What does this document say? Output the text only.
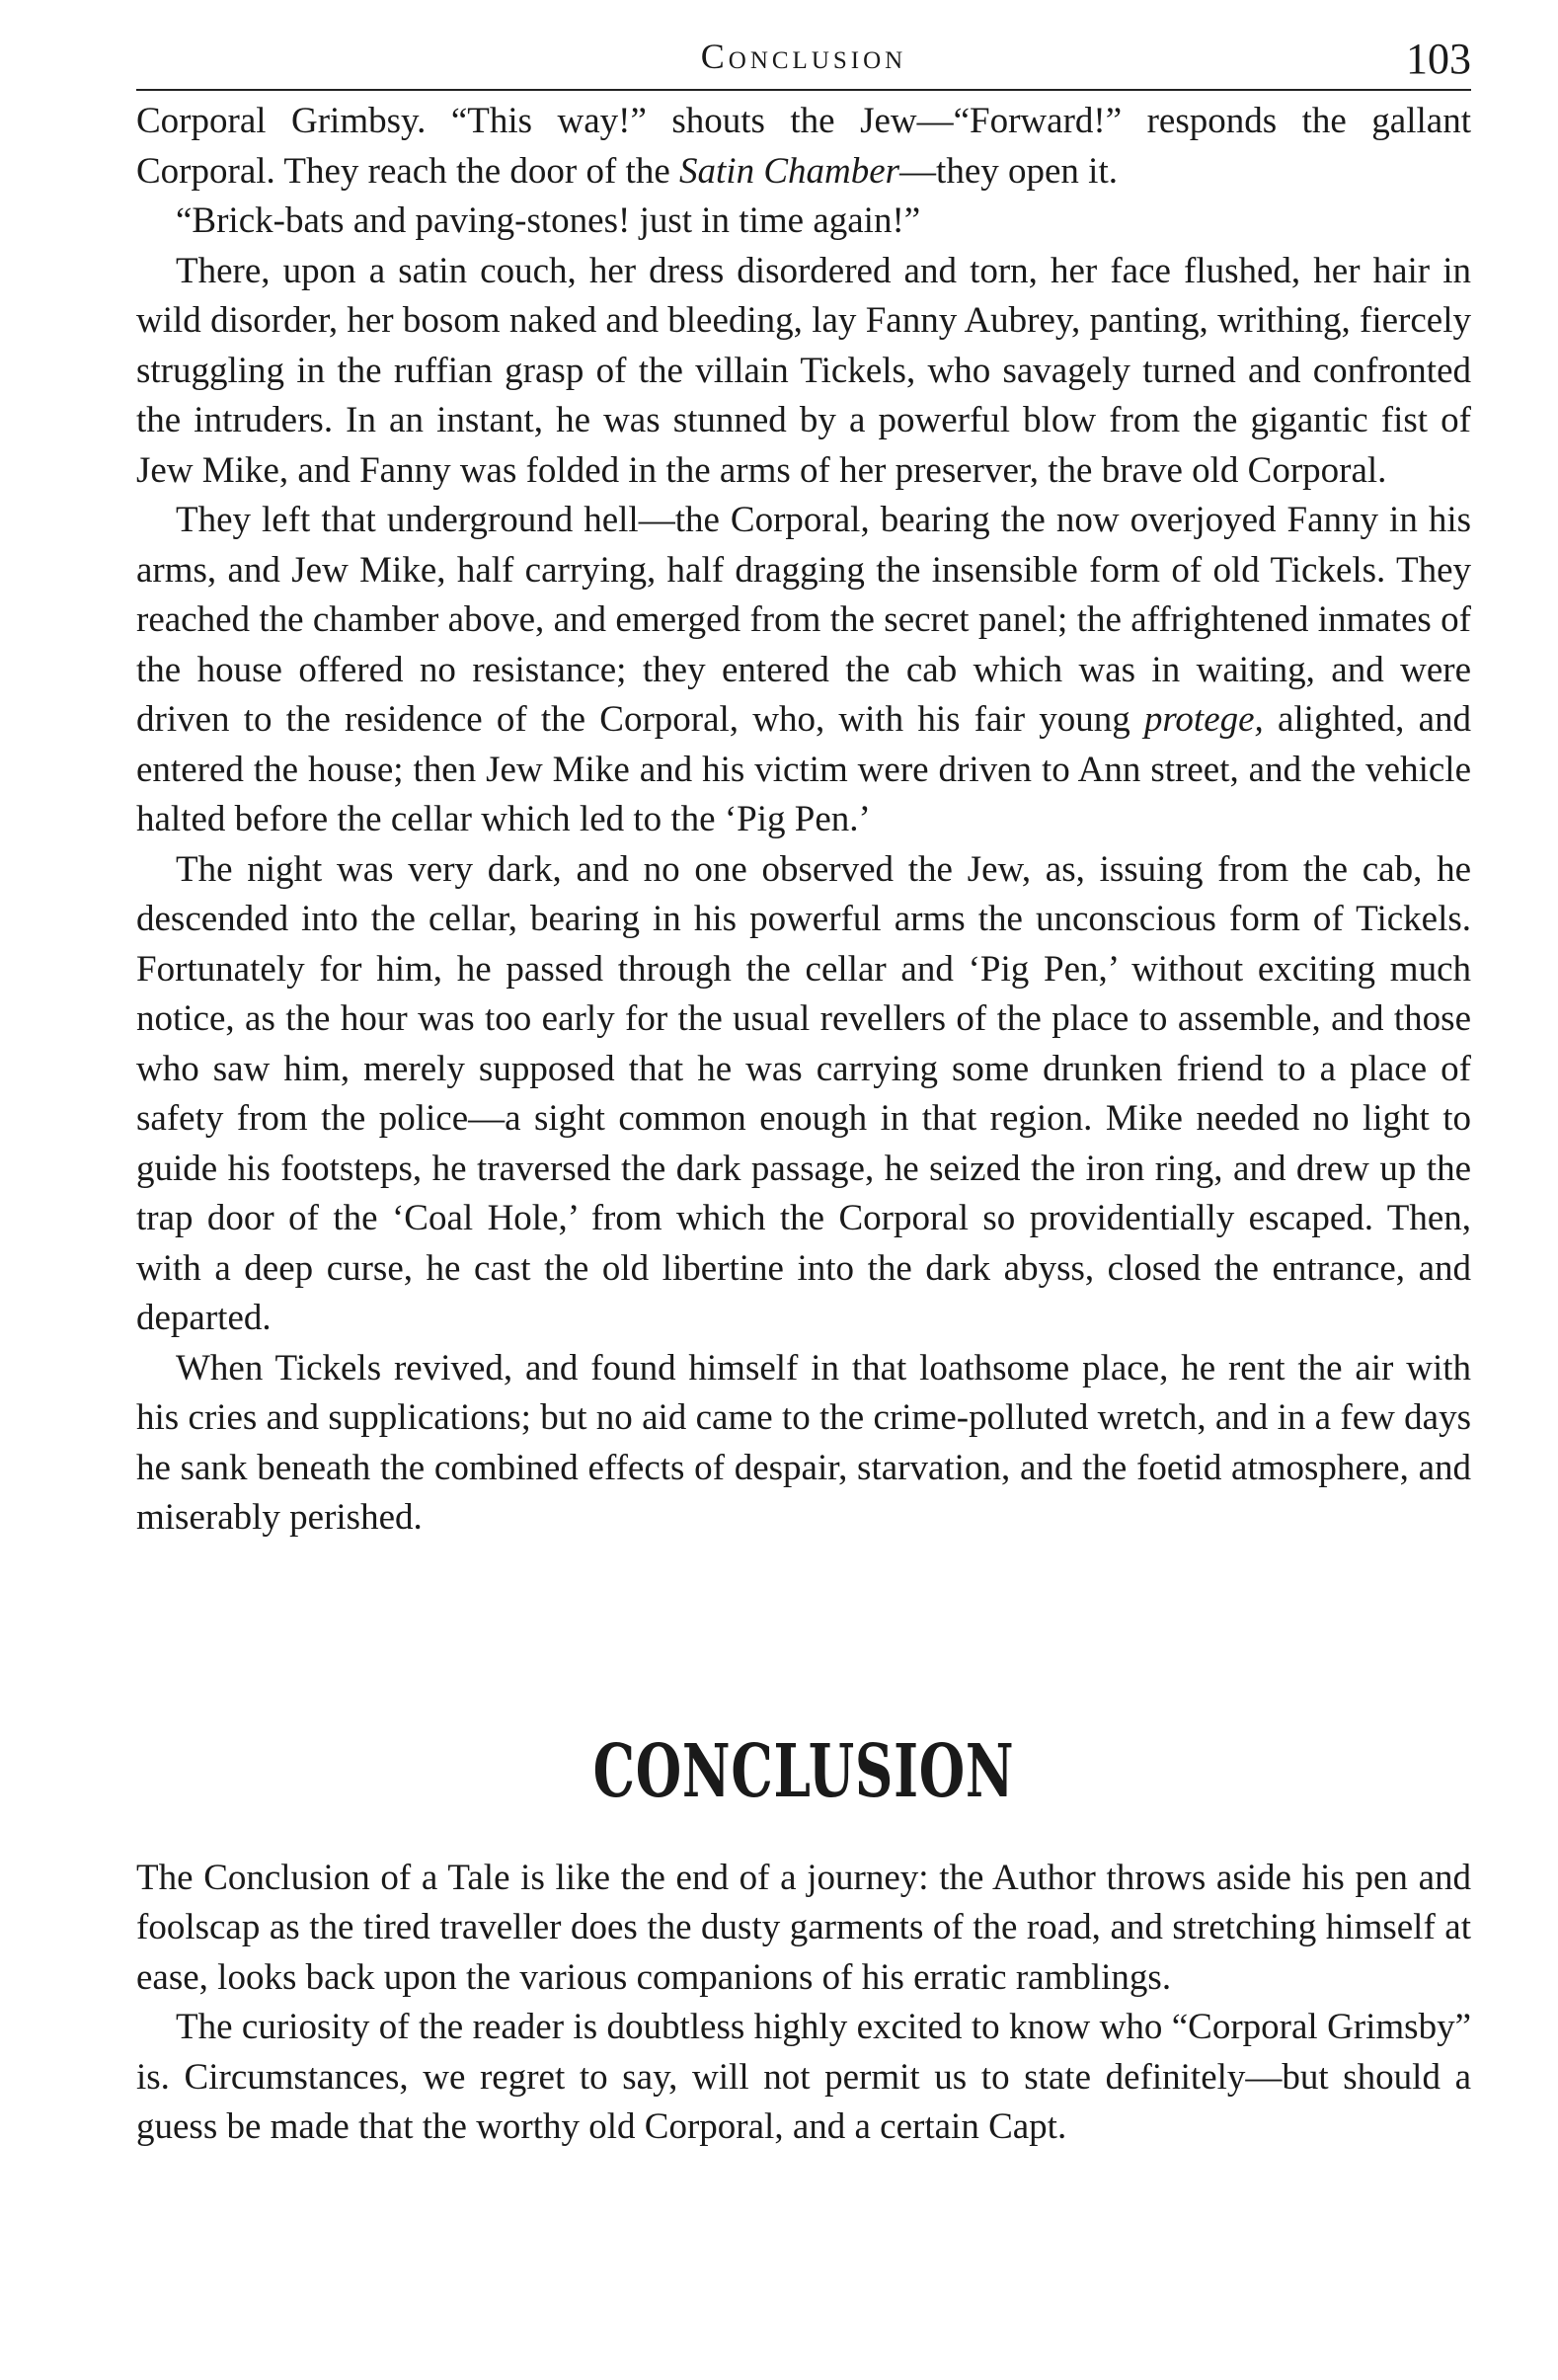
Conclusion	103

Corporal Grimbsy. “This way!” shouts the Jew—“Forward!” responds the gallant Corporal. They reach the door of the Satin Chamber—they open it.

“Brick-bats and paving-stones! just in time again!”

There, upon a satin couch, her dress disordered and torn, her face flushed, her hair in wild disorder, her bosom naked and bleeding, lay Fanny Aubrey, panting, writhing, fiercely struggling in the ruffian grasp of the villain Tickels, who savagely turned and confronted the intruders. In an instant, he was stunned by a powerful blow from the gigantic fist of Jew Mike, and Fanny was folded in the arms of her preserver, the brave old Corporal.

They left that underground hell—the Corporal, bearing the now overjoyed Fanny in his arms, and Jew Mike, half carrying, half dragging the insensible form of old Tickels. They reached the chamber above, and emerged from the secret panel; the affrightened inmates of the house offered no resistance; they entered the cab which was in waiting, and were driven to the residence of the Corporal, who, with his fair young protege, alighted, and entered the house; then Jew Mike and his victim were driven to Ann street, and the vehicle halted before the cellar which led to the ‘Pig Pen.’

The night was very dark, and no one observed the Jew, as, issuing from the cab, he descended into the cellar, bearing in his powerful arms the unconscious form of Tickels. Fortunately for him, he passed through the cellar and ‘Pig Pen,’ without exciting much notice, as the hour was too early for the usual revellers of the place to assemble, and those who saw him, merely supposed that he was carrying some drunken friend to a place of safety from the police—a sight common enough in that region. Mike needed no light to guide his footsteps, he traversed the dark passage, he seized the iron ring, and drew up the trap door of the ‘Coal Hole,’ from which the Corporal so providentially escaped. Then, with a deep curse, he cast the old libertine into the dark abyss, closed the entrance, and departed.

When Tickels revived, and found himself in that loathsome place, he rent the air with his cries and supplications; but no aid came to the crime-polluted wretch, and in a few days he sank beneath the combined effects of despair, starvation, and the foetid atmosphere, and miserably perished.

CONCLUSION

The Conclusion of a Tale is like the end of a journey: the Author throws aside his pen and foolscap as the tired traveller does the dusty garments of the road, and stretching himself at ease, looks back upon the various companions of his erratic ramblings.

The curiosity of the reader is doubtless highly excited to know who “Corporal Grimsby” is. Circumstances, we regret to say, will not permit us to state definitely—but should a guess be made that the worthy old Corporal, and a certain Capt.
